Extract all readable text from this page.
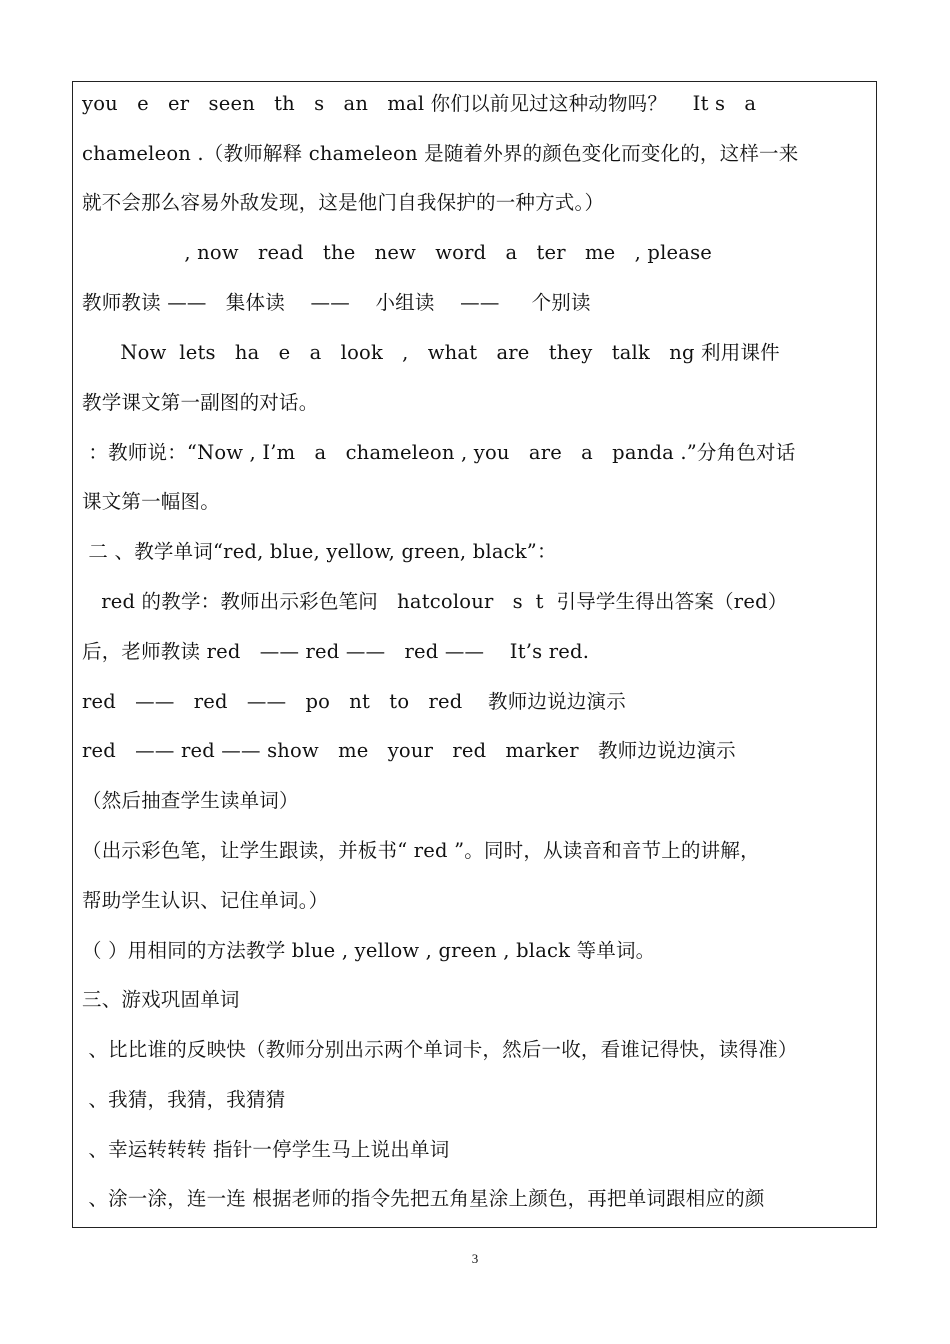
you   e   er   seen   th   s   an   mal 你们以前见过这种动物吗？    It s   a
chameleon .（教师解释 chameleon 是随着外界的颜色变化而变化的，这样一来
就不会那么容易外敌发现，这是他门自我保护的一种方式。）
, now   read   the   new   word   a   ter   me   , please
教师教读 ——   集体读    ——    小组读    ——     个别读
Now  lets   ha   e   a   look   ,   what   are   they   talk   ng 利用课件
教学课文第一副图的对话。
：教师说：“Now , I’m   a   chameleon , you   are   a   panda .”分角色对话
课文第一幅图。
二 、教学单词“red, blue, yellow, green, black”：
red 的教学：教师出示彩色笔问   hatcolour   s  t  引导学生得出答案（red）
后，老师教读 red   —— red ——   red ——    It’s red.
red   ——   red   ——   po   nt   to   red    教师边说边演示
red   —— red —— show   me   your   red   marker   教师边说边演示
（然后抽查学生读单词）
（出示彩色笔，让学生跟读，并板书“ red ”。同时，从读音和音节上的讲解，
帮助学生认识、记住单词。）
（ ）用相同的方法教学 blue , yellow , green , black 等单词。
三、游戏巩固单词
、比比谁的反映快（教师分别出示两个单词卡，然后一收，看谁记得快，读得准）
、我猜，我猜，我猜猜
、幸运转转转 指针一停学生马上说出单词
、涂一涂，连一连 根据老师的指令先把五角星涂上颜色，再把单词跟相应的颜
3
